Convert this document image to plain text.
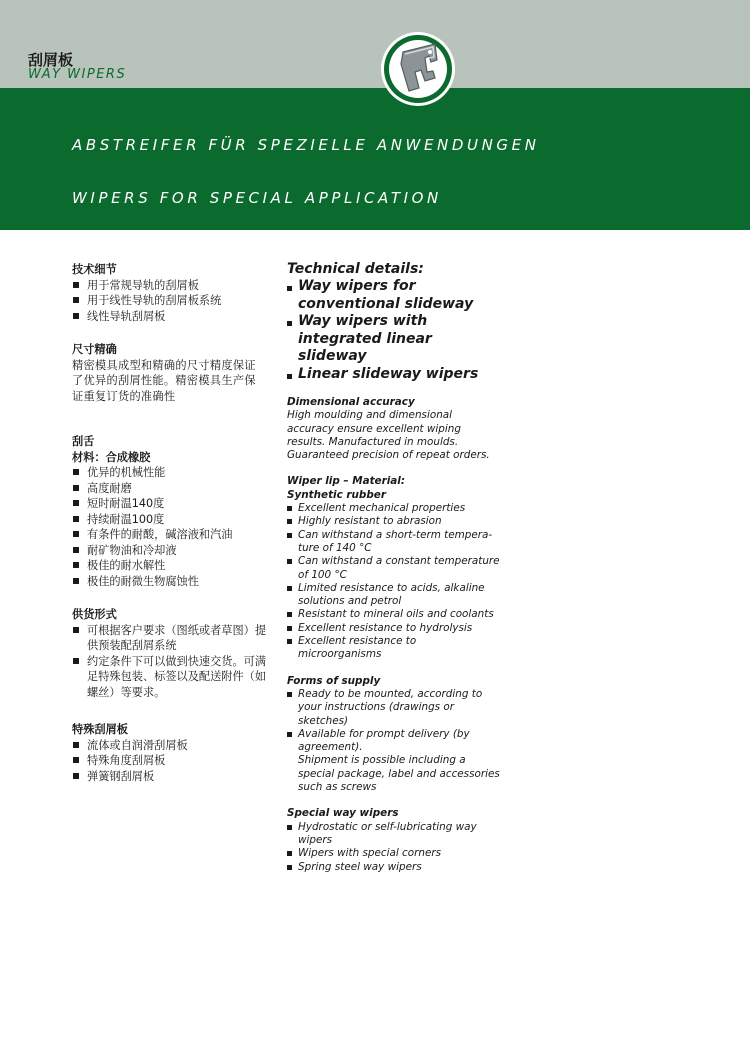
刮屑板
WAY WIPERS
ABSTREIFER FÜR SPEZIELLE ANWENDUNGEN
WIPERS FOR SPECIAL APPLICATION
技术细节
用于常规导轨的刮屑板
用于线性导轨的刮屑板系统
线性导轨刮屑板
尺寸精确
精密模具成型和精确的尺寸精度保证了优异的刮屑性能。精密模具生产保证重复订货的准确性
刮舌
材料：合成橡胶
优异的机械性能
高度耐磨
短时耐温140度
持续耐温100度
有条件的耐酸，碱溶液和汽油
耐矿物油和冷却液
极佳的耐水解性
极佳的耐微生物腐蚀性
供货形式
可根据客户要求（图纸或者草图）提供预装配刮屑系统
约定条件下可以做到快速交货。可满足特殊包装、标签以及配送附件（如螺丝）等要求。
特殊刮屑板
流体或自润滑刮屑板
特殊角度刮屑板
弹簧钢刮屑板
Technical details:
Way wipers for conventional slideway
Way wipers with integrated linear slideway
Linear slideway wipers
Dimensional accuracy
High moulding and dimensional accuracy ensure excellent wiping results. Manufactured in moulds. Guaranteed precision of repeat orders.
Wiper lip – Material:
Synthetic rubber
Excellent mechanical properties
Highly resistant to abrasion
Can withstand a short-term tempera- ture of 140 °C
Can withstand a constant temperature of 100 °C
Limited resistance to acids, alkaline solutions and petrol
Resistant to mineral oils and coolants
Excellent resistance to hydrolysis
Excellent resistance to microorganisms
Forms of supply
Ready to be mounted, according to your instructions (drawings or sketches)
Available for prompt delivery (by agreement).
Shipment is possible including a special package, label and accessories such as screws
Special way wipers
Hydrostatic or self-lubricating way wipers
Wipers with special corners
Spring steel way wipers
